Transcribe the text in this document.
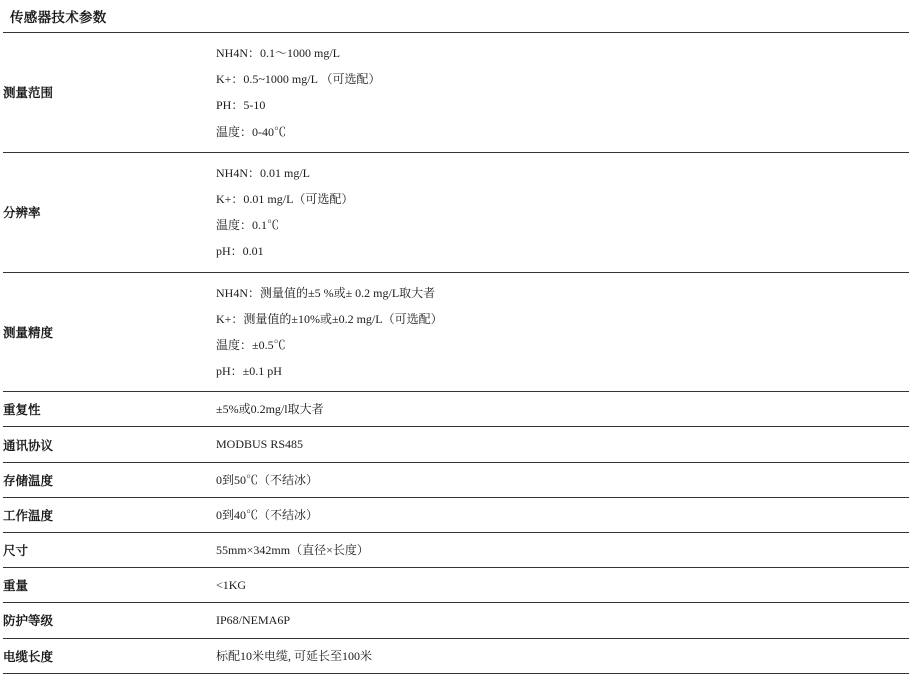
传感器技术参数
测量范围	NH4N：0.1～1000 mg/L
K+：0.5~1000 mg/L （可选配）
PH：5-10
温度：0-40℃

分辨率	NH4N：0.01 mg/L
K+：0.01 mg/L（可选配）
温度：0.1℃
pH：0.01

测量精度	NH4N：测量值的±5 %或± 0.2 mg/L取大者
K+：测量值的±10%或±0.2 mg/L（可选配）
温度：±0.5℃
pH：±0.1 pH

重复性	±5%或0.2mg/l取大者

通讯协议	MODBUS RS485

存储温度	0到50℃（不结冰）

工作温度	0到40℃（不结冰）

尺寸	55mm×342mm（直径×长度）

重量	<1KG

防护等级	IP68/NEMA6P

电缆长度	标配10米电缆, 可延长至100米
